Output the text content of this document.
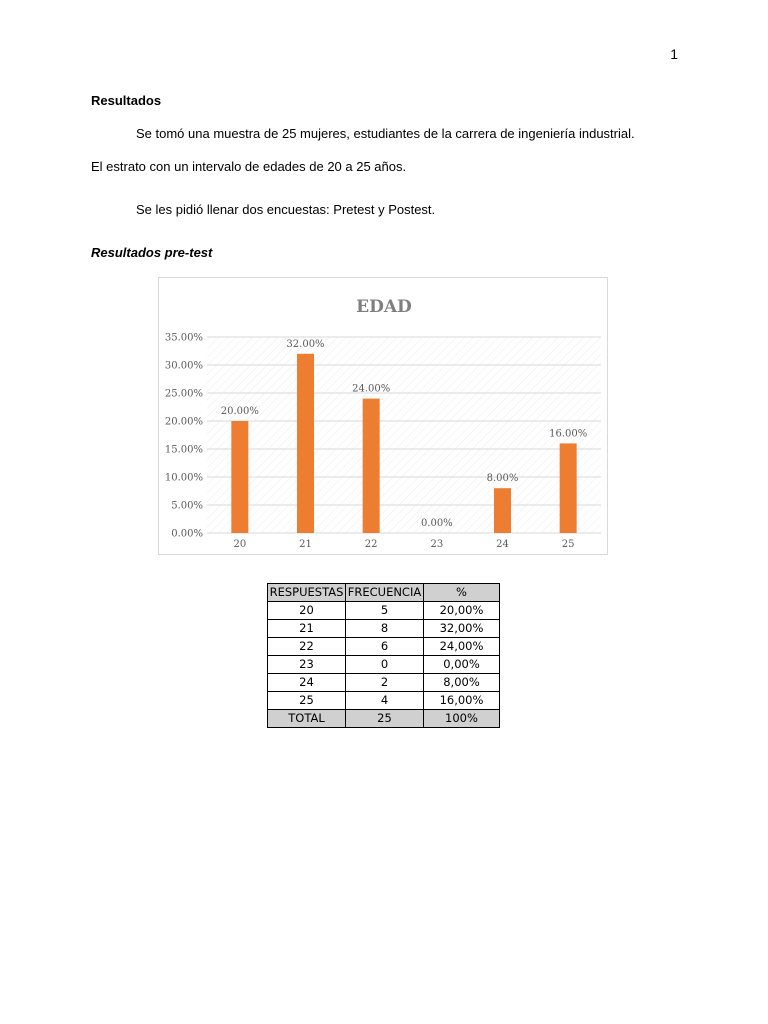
1
Resultados
Se tomó una muestra de 25 mujeres, estudiantes de la carrera de ingeniería industrial.
El estrato con un intervalo de edades de 20 a 25 años.
Se les pidió llenar dos encuestas: Pretest y Postest.
Resultados pre-test
EDAD
0.00%
5.00%
10.00%
15.00%
20.00%
25.00%
30.00%
35.00%
20.00%
20
32.00%
21
24.00%
22
0.00%
23
8.00%
24
16.00%
25
RESPUESTAS	FRECUENCIA	%
20	5	20,00%
21	8	32,00%
22	6	24,00%
23	0	0,00%
24	2	8,00%
25	4	16,00%
TOTAL	25	100%
